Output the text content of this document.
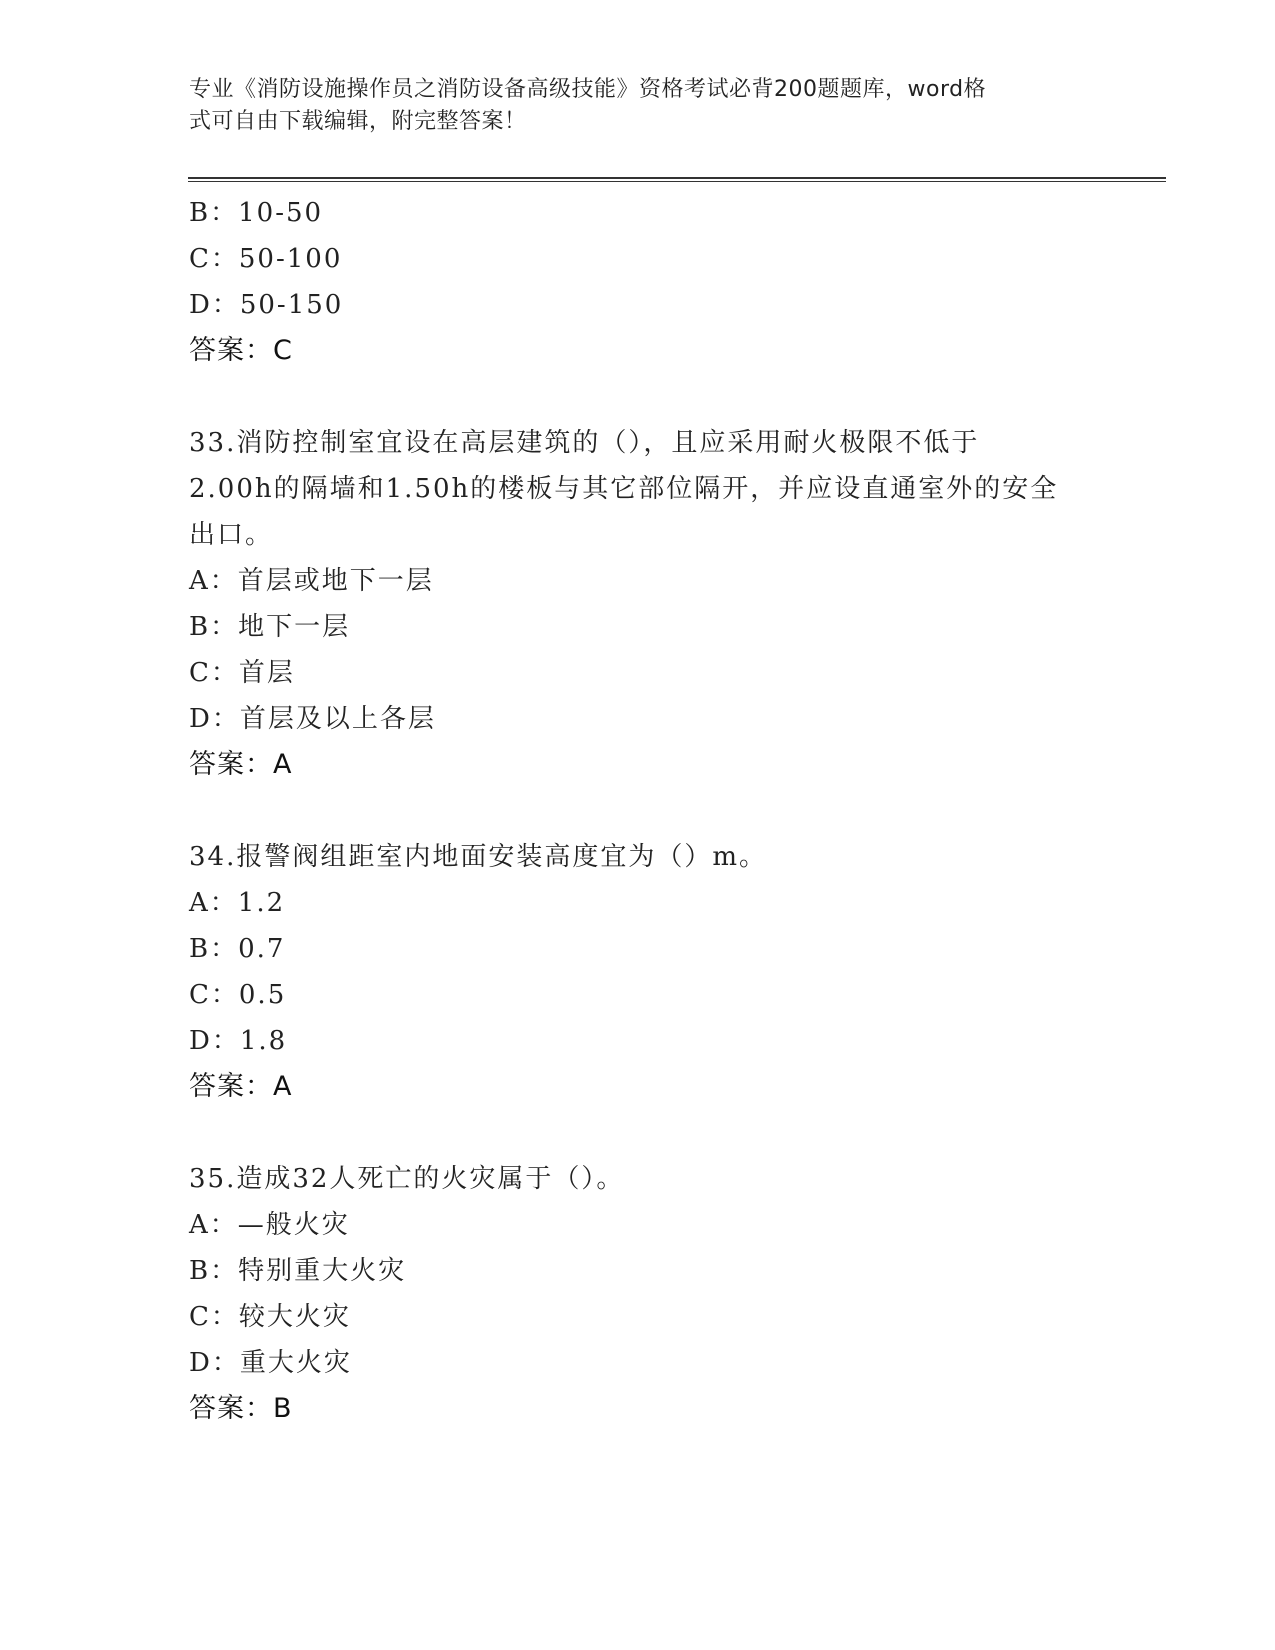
专业《消防设施操作员之消防设备高级技能》资格考试必背200题题库，word格
式可自由下载编辑，附完整答案！
B：10-50
C：50-100
D：50-150
答案：C
33.消防控制室宜设在高层建筑的（），且应采用耐火极限不低于
2.00h的隔墙和1.50h的楼板与其它部位隔开，并应设直通室外的安全
出口。
A：首层或地下一层
B：地下一层
C：首层
D：首层及以上各层
答案：A
34.报警阀组距室内地面安装高度宜为（）m。
A：1.2
B：0.7
C：0.5
D：1.8
答案：A
35.造成32人死亡的火灾属于（）。
A：—般火灾
B：特别重大火灾
C：较大火灾
D：重大火灾
答案：B
